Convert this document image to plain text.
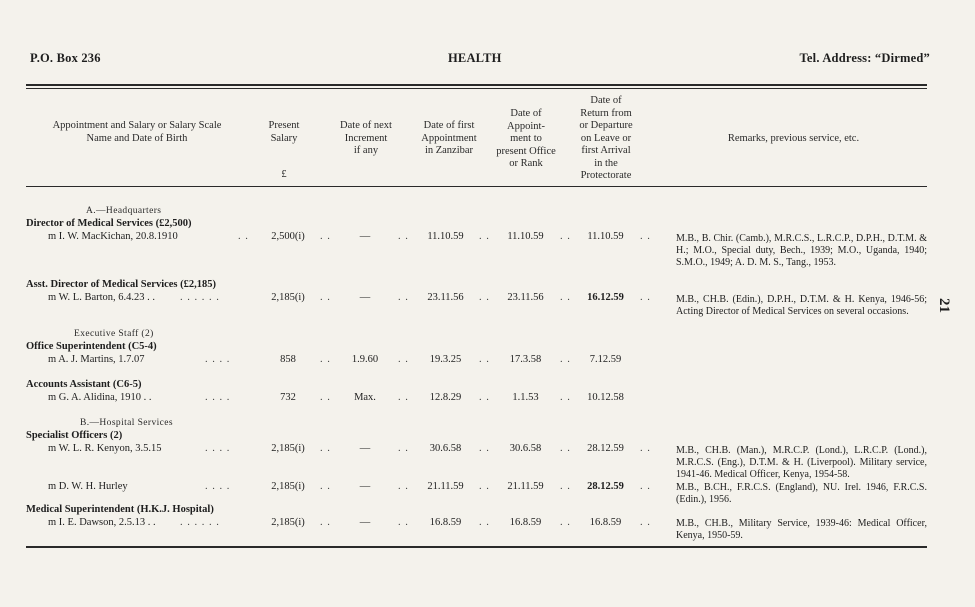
P.O. Box 236	HEALTH	Tel. Address: “Dirmed”
Appointment and Salary or Salary Scale
Name and Date of Birth
Present
Salary
£
Date of next
Increment
if any
Date of first
Appointment
in Zanzibar
Date of
Appoint-
ment to
present Office
or Rank
Date of
Return from
or Departure
on Leave or
first Arrival
in the
Protectorate
Remarks, previous service, etc.
A.—Headquarters
Director of Medical Services (£2,500)
m I. W. MacKichan, 20.8.1910	. .	2,500(i)	. .	—	. .	11.10.59	. .	11.10.59	. .	11.10.59	. .	M.B., B. Chir. (Camb.), M.R.C.S., L.R.C.P., D.P.H., D.T.M. & H.; M.O., Special duty, Bech., 1939; M.O., Uganda, 1940; S.M.O., 1949; A. D. M. S., Tang., 1953.
Asst. Director of Medical Services (£2,185)
m W. L. Barton, 6.4.23 . . . . . . . .	2,185(i)	. .	—	. .	23.11.56	. .	23.11.56	. .	16.12.59	. .	M.B., CH.B. (Edin.), D.P.H., D.T.M. & H. Kenya, 1946-56; Acting Director of Medical Services on several occasions.
Executive Staff (2)
Office Superintendent (C5-4)
m A. J. Martins, 1.7.07	. . . .	858	. .	1.9.60	. .	19.3.25	. .	17.3.58	. .	7.12.59
Accounts Assistant (C6-5)
m G. A. Alidina, 1910 . .	. . . .	732	. .	Max.	. .	12.8.29	. .	1.1.53	. .	10.12.58
B.—Hospital Services
Specialist Officers (2)
m W. L. R. Kenyon, 3.5.15	. . . .	2,185(i)	. .	—	. .	30.6.58	. .	30.6.58	. .	28.12.59	. .	M.B., CH.B. (Man.), M.R.C.P. (Lond.), L.R.C.P. (Lond.), M.R.C.S. (Eng.), D.T.M. & H. (Liverpool). Military service, 1941-46. Medical Officer, Kenya, 1954-58.
m D. W. H. Hurley	. . . .	2,185(i)	. .	—	. .	21.11.59	. .	21.11.59	. .	28.12.59	. .	M.B., B.CH., F.R.C.S. (England), NU. Irel. 1946, F.R.C.S. (Edin.), 1956.
Medical Superintendent (H.K.J. Hospital)
m I. E. Dawson, 2.5.13 . . . . . . . .	2,185(i)	. .	—	. .	16.8.59	. .	16.8.59	. .	16.8.59	. .	M.B., CH.B., Military Service, 1939-46: Medical Officer, Kenya, 1950-59.
21
